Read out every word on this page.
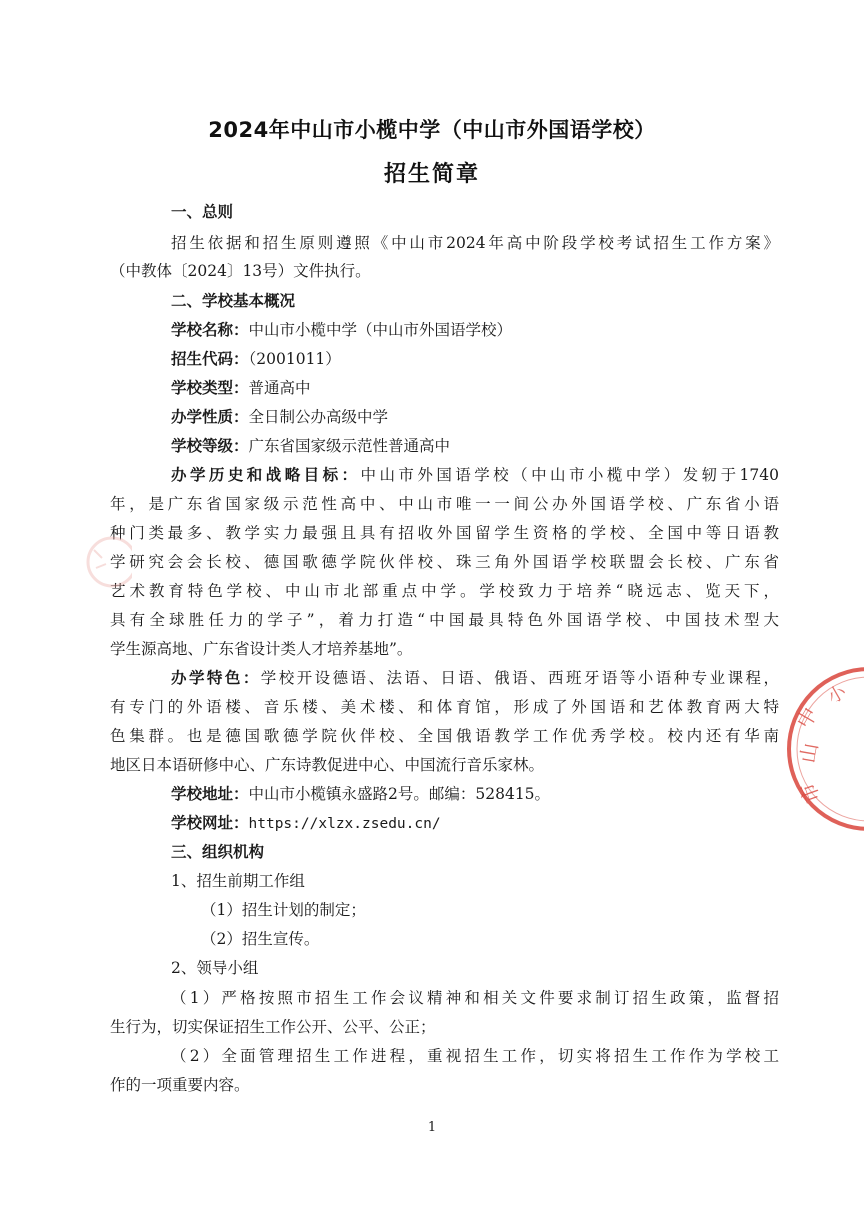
2024年中山市小榄中学（中山市外国语学校）
招生简章
一、总则
招生依据和招生原则遵照《中山市2024年高中阶段学校考试招生工作方案》
（中教体〔2024〕13号）文件执行。
二、学校基本概况
学校名称：中山市小榄中学（中山市外国语学校）
招生代码：（2001011）
学校类型：普通高中
办学性质：全日制公办高级中学
学校等级：广东省国家级示范性普通高中
办学历史和战略目标：中山市外国语学校（中山市小榄中学）发轫于1740
年，是广东省国家级示范性高中、中山市唯一一间公办外国语学校、广东省小语
种门类最多、教学实力最强且具有招收外国留学生资格的学校、全国中等日语教
学研究会会长校、德国歌德学院伙伴校、珠三角外国语学校联盟会长校、广东省
艺术教育特色学校、中山市北部重点中学。学校致力于培养“晓远志、览天下，
具有全球胜任力的学子”，着力打造“中国最具特色外国语学校、中国技术型大
学生源高地、广东省设计类人才培养基地”。
办学特色：学校开设德语、法语、日语、俄语、西班牙语等小语种专业课程，
有专门的外语楼、音乐楼、美术楼、和体育馆，形成了外国语和艺体教育两大特
色集群。也是德国歌德学院伙伴校、全国俄语教学工作优秀学校。校内还有华南
地区日本语研修中心、广东诗教促进中心、中国流行音乐家林。
学校地址：中山市小榄镇永盛路2号。邮编：528415。
学校网址：https://xlzx.zsedu.cn/
三、组织机构
1、招生前期工作组
（1）招生计划的制定；
（2）招生宣传。
2、领导小组
（1）严格按照市招生工作会议精神和相关文件要求制订招生政策，监督招
生行为，切实保证招生工作公开、公平、公正；
（2）全面管理招生工作进程，重视招生工作，切实将招生工作作为学校工
作的一项重要内容。
1
中
山
市
小
